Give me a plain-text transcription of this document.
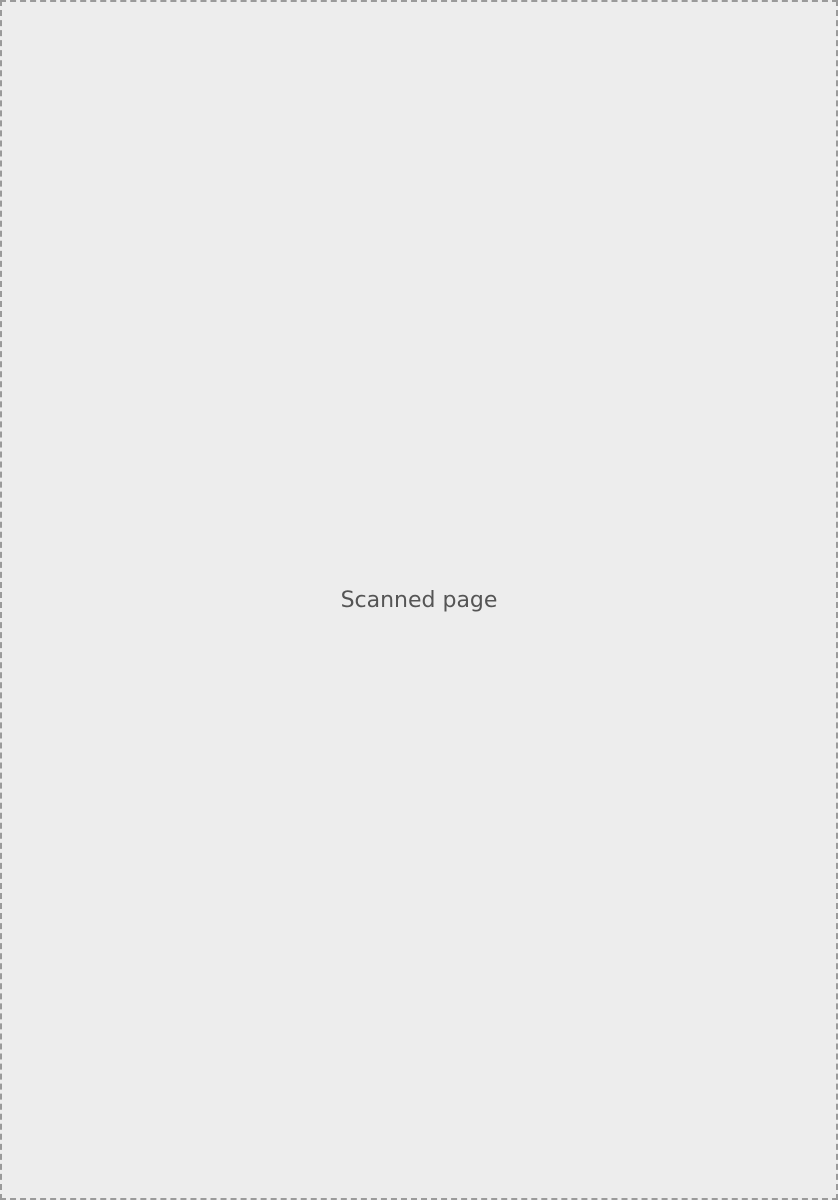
Scanned page
